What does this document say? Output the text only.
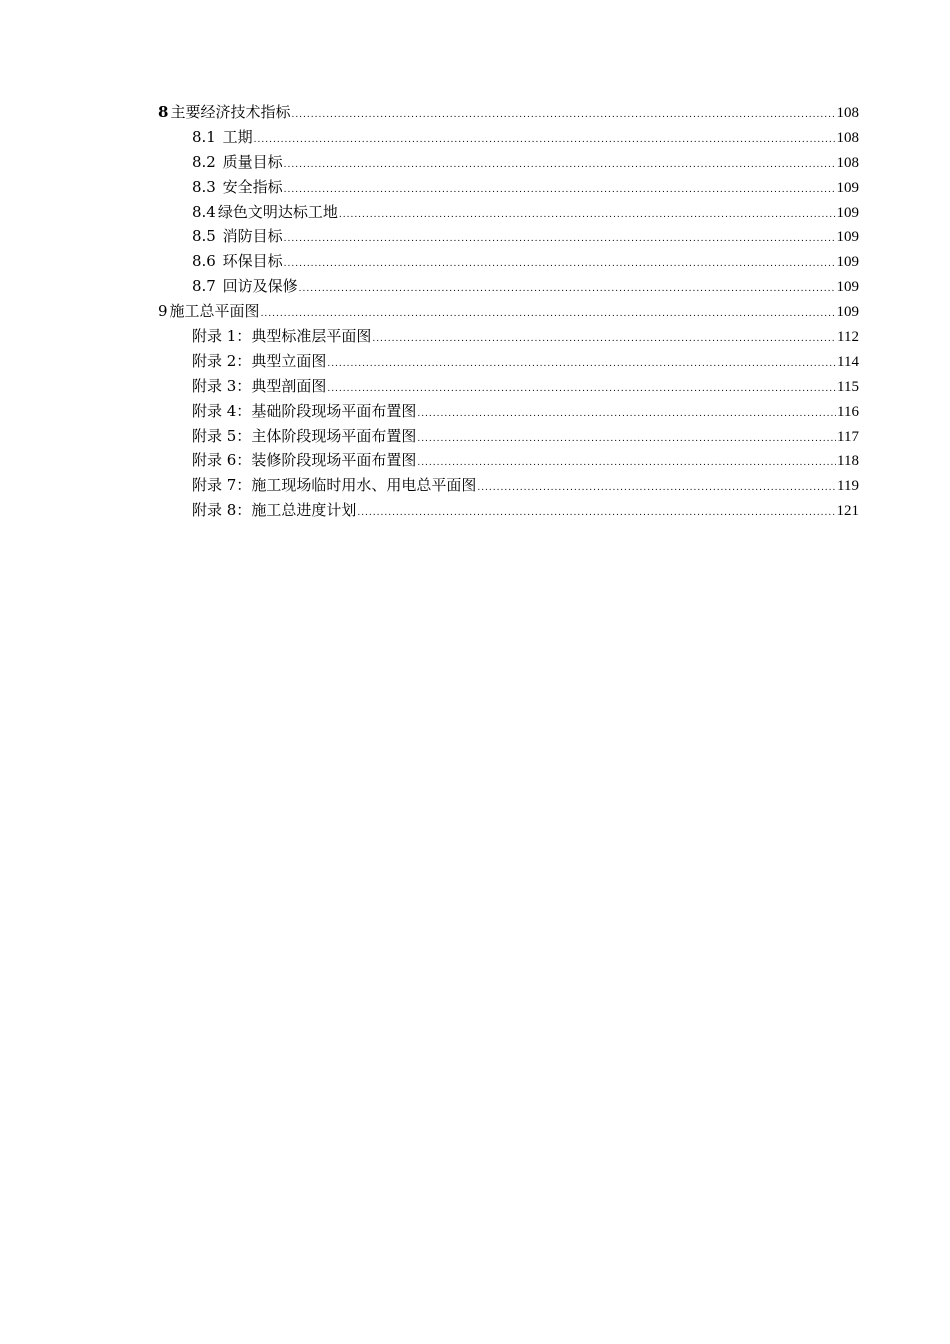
8 主要经济技术指标 .....	108
8.1 工期 .....	108
8.2 质量目标 .....	108
8.3 安全指标 .....	109
8.4 绿色文明达标工地 .....	109
8.5 消防目标 .....	109
8.6 环保目标 .....	109
8.7 回访及保修 .....	109
9 施工总平面图 .....	109
附录 1：典型标准层平面图 .....	112
附录 2：典型立面图 .....	114
附录 3：典型剖面图 .....	115
附录 4：基础阶段现场平面布置图 .....	116
附录 5：主体阶段现场平面布置图 .....	117
附录 6：装修阶段现场平面布置图 .....	118
附录 7：施工现场临时用水、用电总平面图 .....	119
附录 8：施工总进度计划 .....	121
